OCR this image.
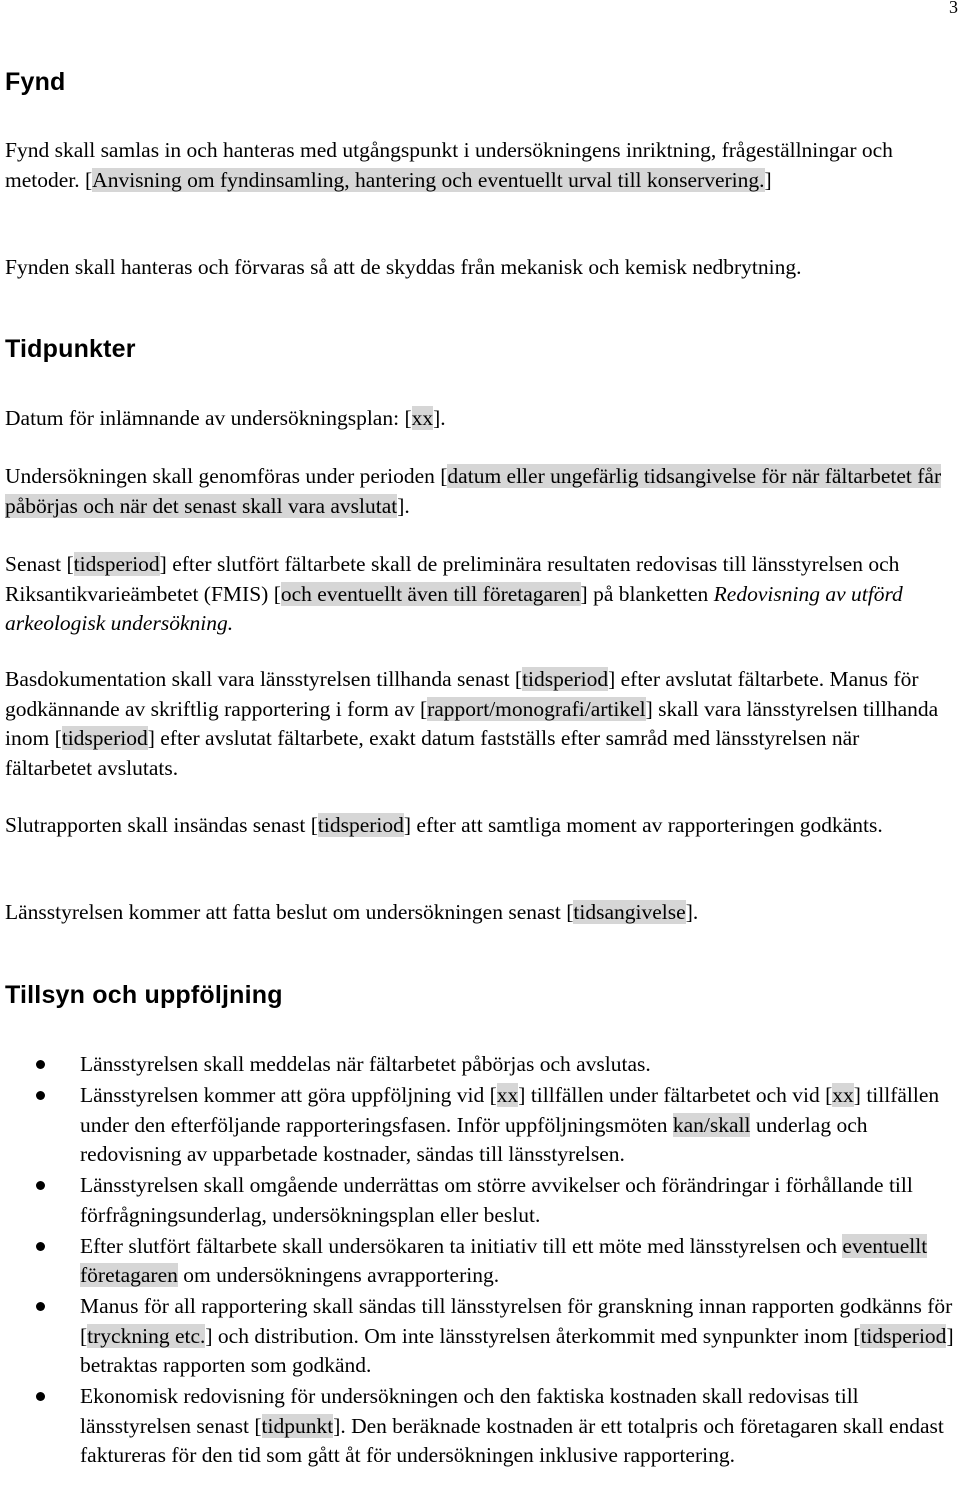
3
Fynd

Fynd skall samlas in och hanteras med utgångspunkt i undersökningens inriktning, frågeställningar och metoder. [Anvisning om fyndinsamling, hantering och eventuellt urval till konservering.]

Fynden skall hanteras och förvaras så att de skyddas från mekanisk och kemisk nedbrytning.

Tidpunkter

Datum för inlämnande av undersökningsplan: [xx].

Undersökningen skall genomföras under perioden [datum eller ungefärlig tidsangivelse för när fältarbetet får påbörjas och när det senast skall vara avslutat].

Senast [tidsperiod] efter slutfört fältarbete skall de preliminära resultaten redovisas till länsstyrelsen och Riksantikvarieämbetet (FMIS) [och eventuellt även till företagaren] på blanketten Redovisning av utförd arkeologisk undersökning.

Basdokumentation skall vara länsstyrelsen tillhanda senast [tidsperiod] efter avslutat fältarbete. Manus för godkännande av skriftlig rapportering i form av [rapport/monografi/artikel] skall vara länsstyrelsen tillhanda inom [tidsperiod] efter avslutat fältarbete, exakt datum fastställs efter samråd med länsstyrelsen när fältarbetet avslutats.

Slutrapporten skall insändas senast [tidsperiod] efter att samtliga moment av rapporteringen godkänts.

Länsstyrelsen kommer att fatta beslut om undersökningen senast [tidsangivelse].

Tillsyn och uppföljning
Länsstyrelsen skall meddelas när fältarbetet påbörjas och avslutas.
Länsstyrelsen kommer att göra uppföljning vid [xx] tillfällen under fältarbetet och vid [xx] tillfällen under den efterföljande rapporteringsfasen. Inför uppföljningsmöten kan/skall underlag och redovisning av upparbetade kostnader, sändas till länsstyrelsen.
Länsstyrelsen skall omgående underrättas om större avvikelser och förändringar i förhållande till förfrågningsunderlag, undersökningsplan eller beslut.
Efter slutfört fältarbete skall undersökaren ta initiativ till ett möte med länsstyrelsen och eventuellt företagaren om undersökningens avrapportering.
Manus för all rapportering skall sändas till länsstyrelsen för granskning innan rapporten godkänns för [tryckning etc.] och distribution. Om inte länsstyrelsen återkommit med synpunkter inom [tidsperiod] betraktas rapporten som godkänd.
Ekonomisk redovisning för undersökningen och den faktiska kostnaden skall redovisas till länsstyrelsen senast [tidpunkt]. Den beräknade kostnaden är ett totalpris och företagaren skall endast faktureras för den tid som gått åt för undersökningen inklusive rapportering.
